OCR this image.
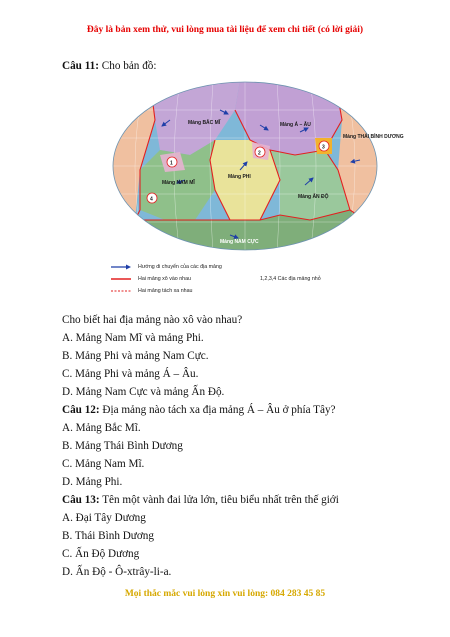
Đây là bản xem thử, vui lòng mua tài liệu để xem chi tiết (có lời giải)
Câu 11: Cho bản đồ:
Mảng BẮC MĨ	Mảng Á – ÂU
Mảng THÁI BÌNH DƯƠNG
Mảng NAM MĨ
Mảng PHI
Mảng ẤN ĐỘ
Mảng NAM CỰC
1
2
3
4
Hướng di chuyển của các địa mảng
Hai mảng xô vào nhau
Hai mảng tách xa nhau
1,2,3,4 Các địa mảng nhỏ
Cho biết hai địa mảng nào xô vào nhau?
A. Mảng Nam Mĩ và mảng Phi.
B. Mảng Phi và mảng Nam Cực.
C. Mảng Phi và mảng Á – Âu.
D. Mảng Nam Cực và mảng Ấn Độ.
Câu 12: Địa mảng nào tách xa địa mảng Á – Âu ở phía Tây?
A. Mảng Bắc Mĩ.
B. Mảng Thái Bình Dương
C. Mảng Nam Mĩ.
D. Mảng Phi.
Câu 13: Tên một vành đai lửa lớn, tiêu biểu nhất trên thế giới
A. Đại Tây Dương
B. Thái Bình Dương
C. Ấn Độ Dương
D. Ấn Độ - Ô-xtrây-li-a.
Mọi thắc mắc vui lòng xin vui lòng: 084 283 45 85
